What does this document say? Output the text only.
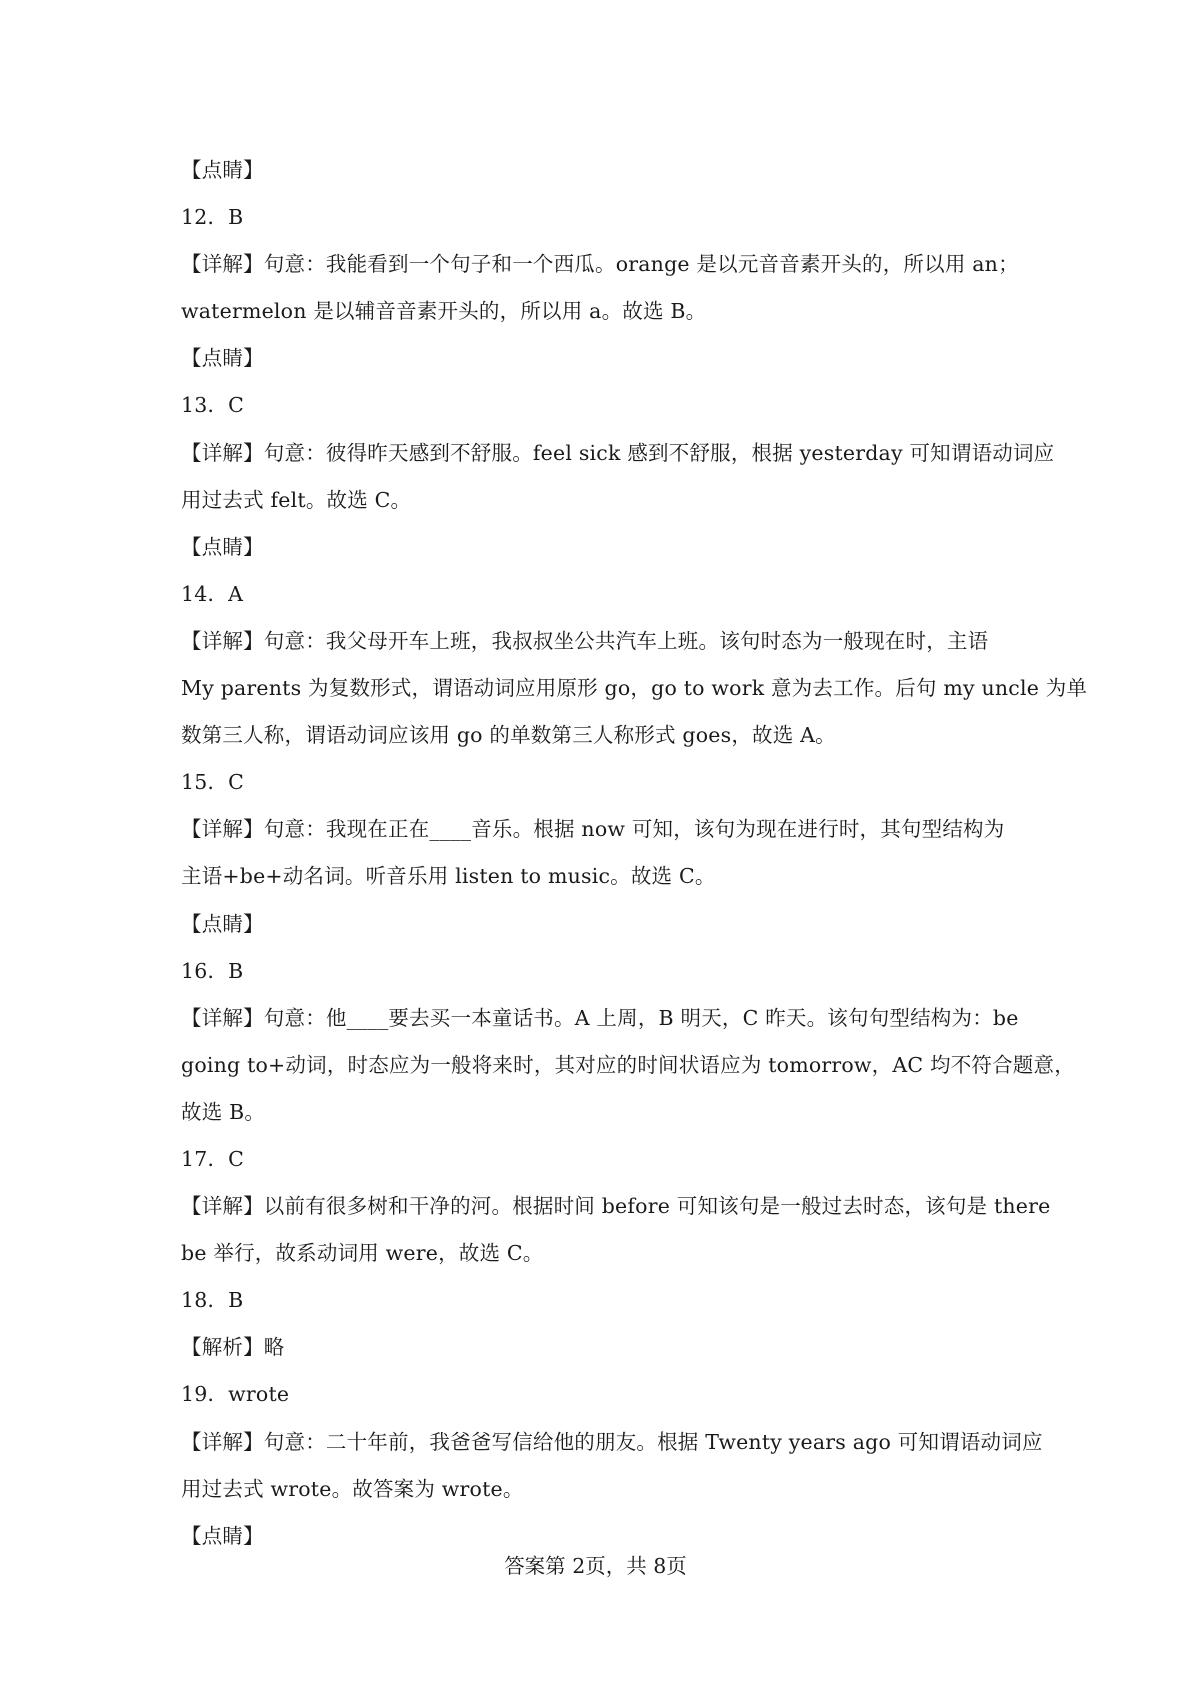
【点睛】
12．B
【详解】句意：我能看到一个句子和一个西瓜。orange 是以元音音素开头的，所以用 an；
watermelon 是以辅音音素开头的，所以用 a。故选 B。
【点睛】
13．C
【详解】句意：彼得昨天感到不舒服。feel sick 感到不舒服，根据 yesterday 可知谓语动词应
用过去式 felt。故选 C。
【点睛】
14．A
【详解】句意：我父母开车上班，我叔叔坐公共汽车上班。该句时态为一般现在时，主语
My parents 为复数形式，谓语动词应用原形 go，go to work 意为去工作。后句 my uncle 为单
数第三人称，谓语动词应该用 go 的单数第三人称形式 goes，故选 A。
15．C
【详解】句意：我现在正在____音乐。根据 now 可知，该句为现在进行时，其句型结构为
主语+be+动名词。听音乐用 listen to music。故选 C。
【点睛】
16．B
【详解】句意：他____要去买一本童话书。A 上周，B 明天，C 昨天。该句句型结构为：be
going to+动词，时态应为一般将来时，其对应的时间状语应为 tomorrow，AC 均不符合题意，
故选 B。
17．C
【详解】以前有很多树和干净的河。根据时间 before 可知该句是一般过去时态，该句是 there
be 举行，故系动词用 were，故选 C。
18．B
【解析】略
19．wrote
【详解】句意：二十年前，我爸爸写信给他的朋友。根据 Twenty years ago 可知谓语动词应
用过去式 wrote。故答案为 wrote。
【点睛】
答案第 2页，共 8页
